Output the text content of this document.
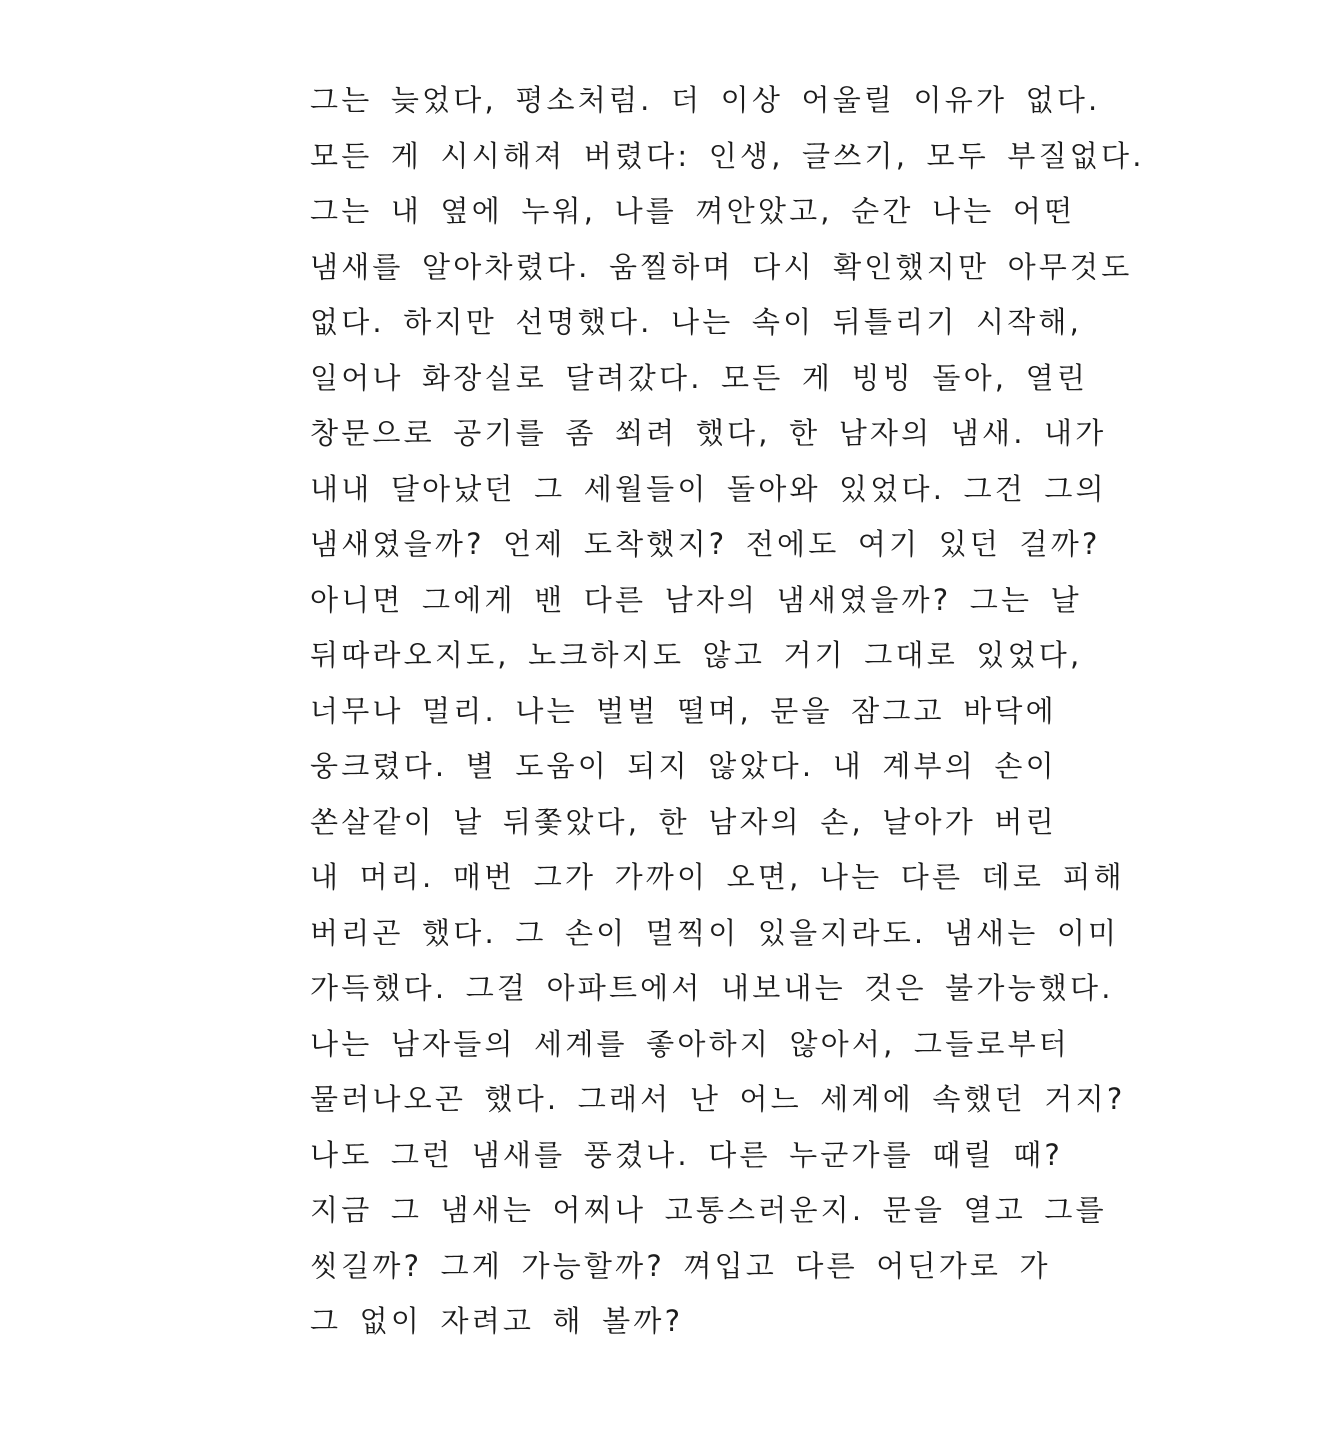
그는 늦었다, 평소처럼. 더 이상 어울릴 이유가 없다.
모든 게 시시해져 버렸다: 인생, 글쓰기, 모두 부질없다.
그는 내 옆에 누워, 나를 껴안았고, 순간 나는 어떤
냄새를 알아차렸다. 움찔하며 다시 확인했지만 아무것도
없다. 하지만 선명했다. 나는 속이 뒤틀리기 시작해,
일어나 화장실로 달려갔다. 모든 게 빙빙 돌아, 열린
창문으로 공기를 좀 쐬려 했다, 한 남자의 냄새. 내가
내내 달아났던 그 세월들이 돌아와 있었다. 그건 그의
냄새였을까? 언제 도착했지? 전에도 여기 있던 걸까?
아니면 그에게 밴 다른 남자의 냄새였을까? 그는 날
뒤따라오지도, 노크하지도 않고 거기 그대로 있었다,
너무나 멀리. 나는 벌벌 떨며, 문을 잠그고 바닥에
웅크렸다. 별 도움이 되지 않았다. 내 계부의 손이
쏜살같이 날 뒤쫓았다, 한 남자의 손, 날아가 버린
내 머리. 매번 그가 가까이 오면, 나는 다른 데로 피해
버리곤 했다. 그 손이 멀찍이 있을지라도. 냄새는 이미
가득했다. 그걸 아파트에서 내보내는 것은 불가능했다.
나는 남자들의 세계를 좋아하지 않아서, 그들로부터
물러나오곤 했다. 그래서 난 어느 세계에 속했던 거지?
나도 그런 냄새를 풍겼나. 다른 누군가를 때릴 때?
지금 그 냄새는 어찌나 고통스러운지. 문을 열고 그를
씻길까? 그게 가능할까? 껴입고 다른 어딘가로 가
그 없이 자려고 해 볼까?
